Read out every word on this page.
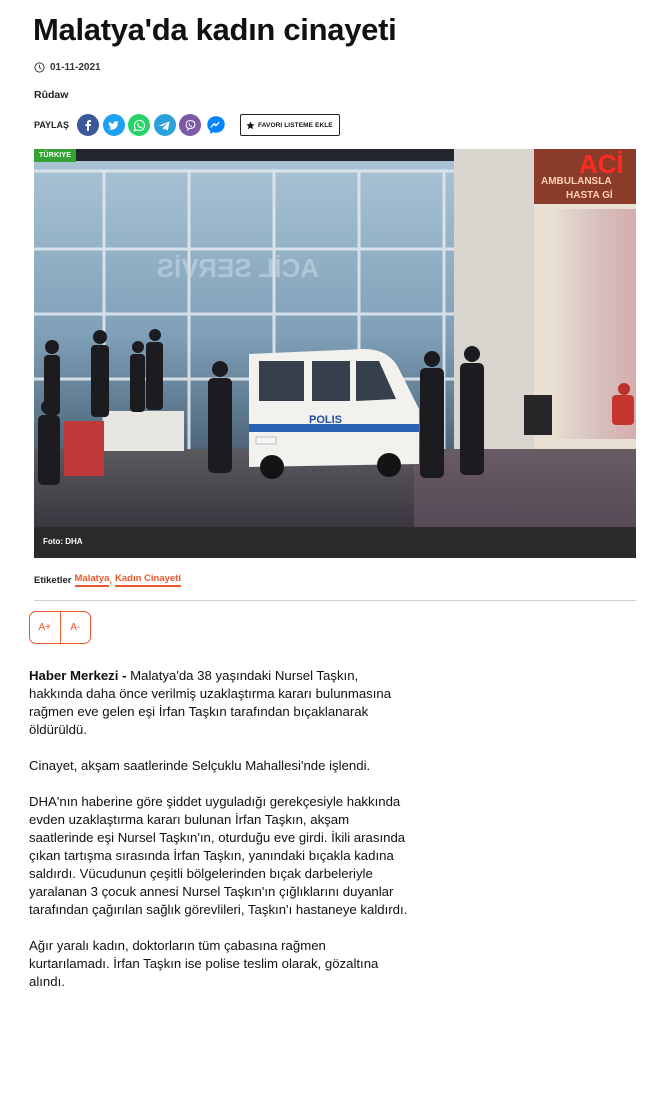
Malatya'da kadın cinayeti
01-11-2021
Rûdaw
PAYLAŞ	FAVORI LISTEME EKLE
ACİ
AMBULANSLA
HASTA Gİ
ACİL SERVİS
POLIS
TÜRKIYE
Foto: DHA
Etiketler Malatya , Kadın Cinayeti
A+	A-

Haber Merkezi - Malatya'da 38 yaşındaki Nursel Taşkın, hakkında daha önce verilmiş uzaklaştırma kararı bulunmasına rağmen eve gelen eşi İrfan Taşkın tarafından bıçaklanarak öldürüldü.

Cinayet, akşam saatlerinde Selçuklu Mahallesi'nde işlendi.

DHA'nın haberine göre şiddet uyguladığı gerekçesiyle hakkında evden uzaklaştırma kararı bulunan İrfan Taşkın, akşam saatlerinde eşi Nursel Taşkın'ın, oturduğu eve girdi. İkili arasında çıkan tartışma sırasında İrfan Taşkın, yanındaki bıçakla kadına saldırdı. Vücudunun çeşitli bölgelerinden bıçak darbeleriyle yaralanan 3 çocuk annesi Nursel Taşkın'ın çığlıklarını duyanlar tarafından çağırılan sağlık görevlileri, Taşkın'ı hastaneye kaldırdı.

Ağır yaralı kadın, doktorların tüm çabasına rağmen kurtarılamadı. İrfan Taşkın ise polise teslim olarak, gözaltına alındı.
